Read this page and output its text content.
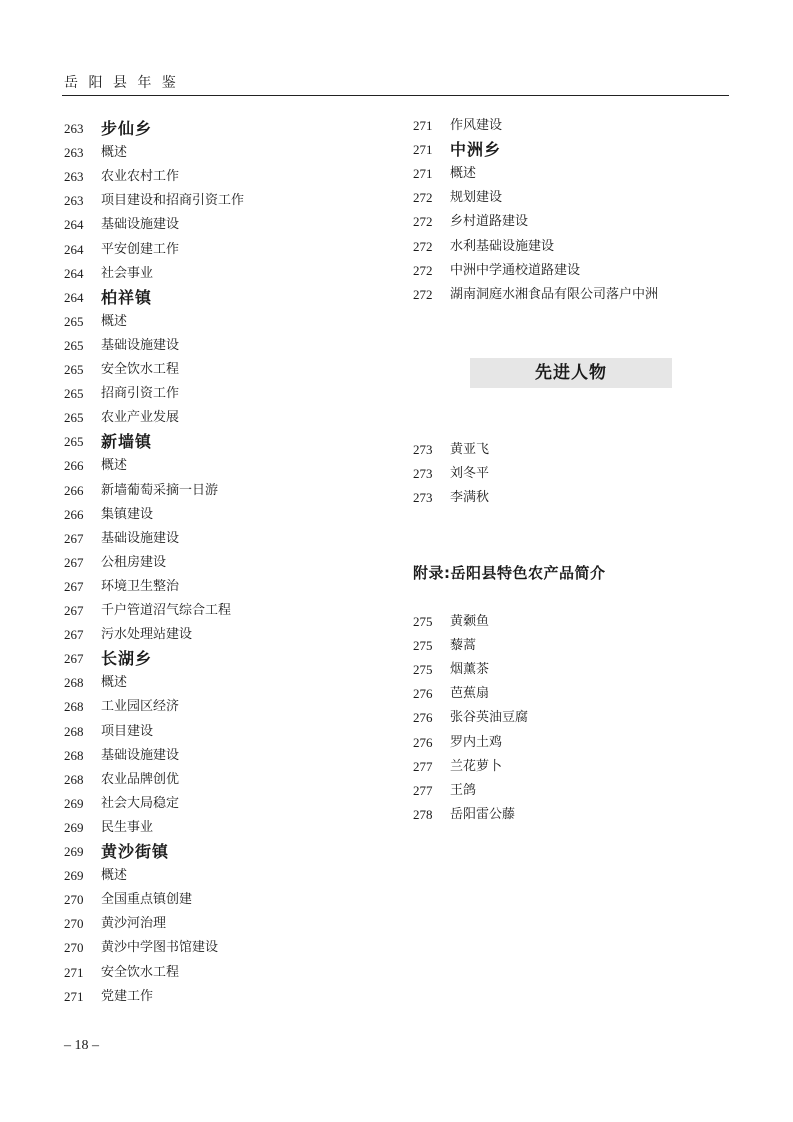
岳 阳 县 年 鉴
263	步仙乡
263	概述
263	农业农村工作
263	项目建设和招商引资工作
264	基础设施建设
264	平安创建工作
264	社会事业
264	柏祥镇
265	概述
265	基础设施建设
265	安全饮水工程
265	招商引资工作
265	农业产业发展
265	新墙镇
266	概述
266	新墙葡萄采摘一日游
266	集镇建设
267	基础设施建设
267	公租房建设
267	环境卫生整治
267	千户管道沼气综合工程
267	污水处理站建设
267	长湖乡
268	概述
268	工业园区经济
268	项目建设
268	基础设施建设
268	农业品牌创优
269	社会大局稳定
269	民生事业
269	黄沙街镇
269	概述
270	全国重点镇创建
270	黄沙河治理
270	黄沙中学图书馆建设
271	安全饮水工程
271	党建工作
271	作风建设
271	中洲乡
271	概述
272	规划建设
272	乡村道路建设
272	水利基础设施建设
272	中洲中学通校道路建设
272	湖南洞庭水湘食品有限公司落户中洲
先进人物
273	黄亚飞
273	刘冬平
273	李满秋
附录:岳阳县特色农产品简介
275	黄颡鱼
275	藜蒿
275	烟薰茶
276	芭蕉扇
276	张谷英油豆腐
276	罗内土鸡
277	兰花萝卜
277	王鸽
278	岳阳雷公藤
– 18 –
